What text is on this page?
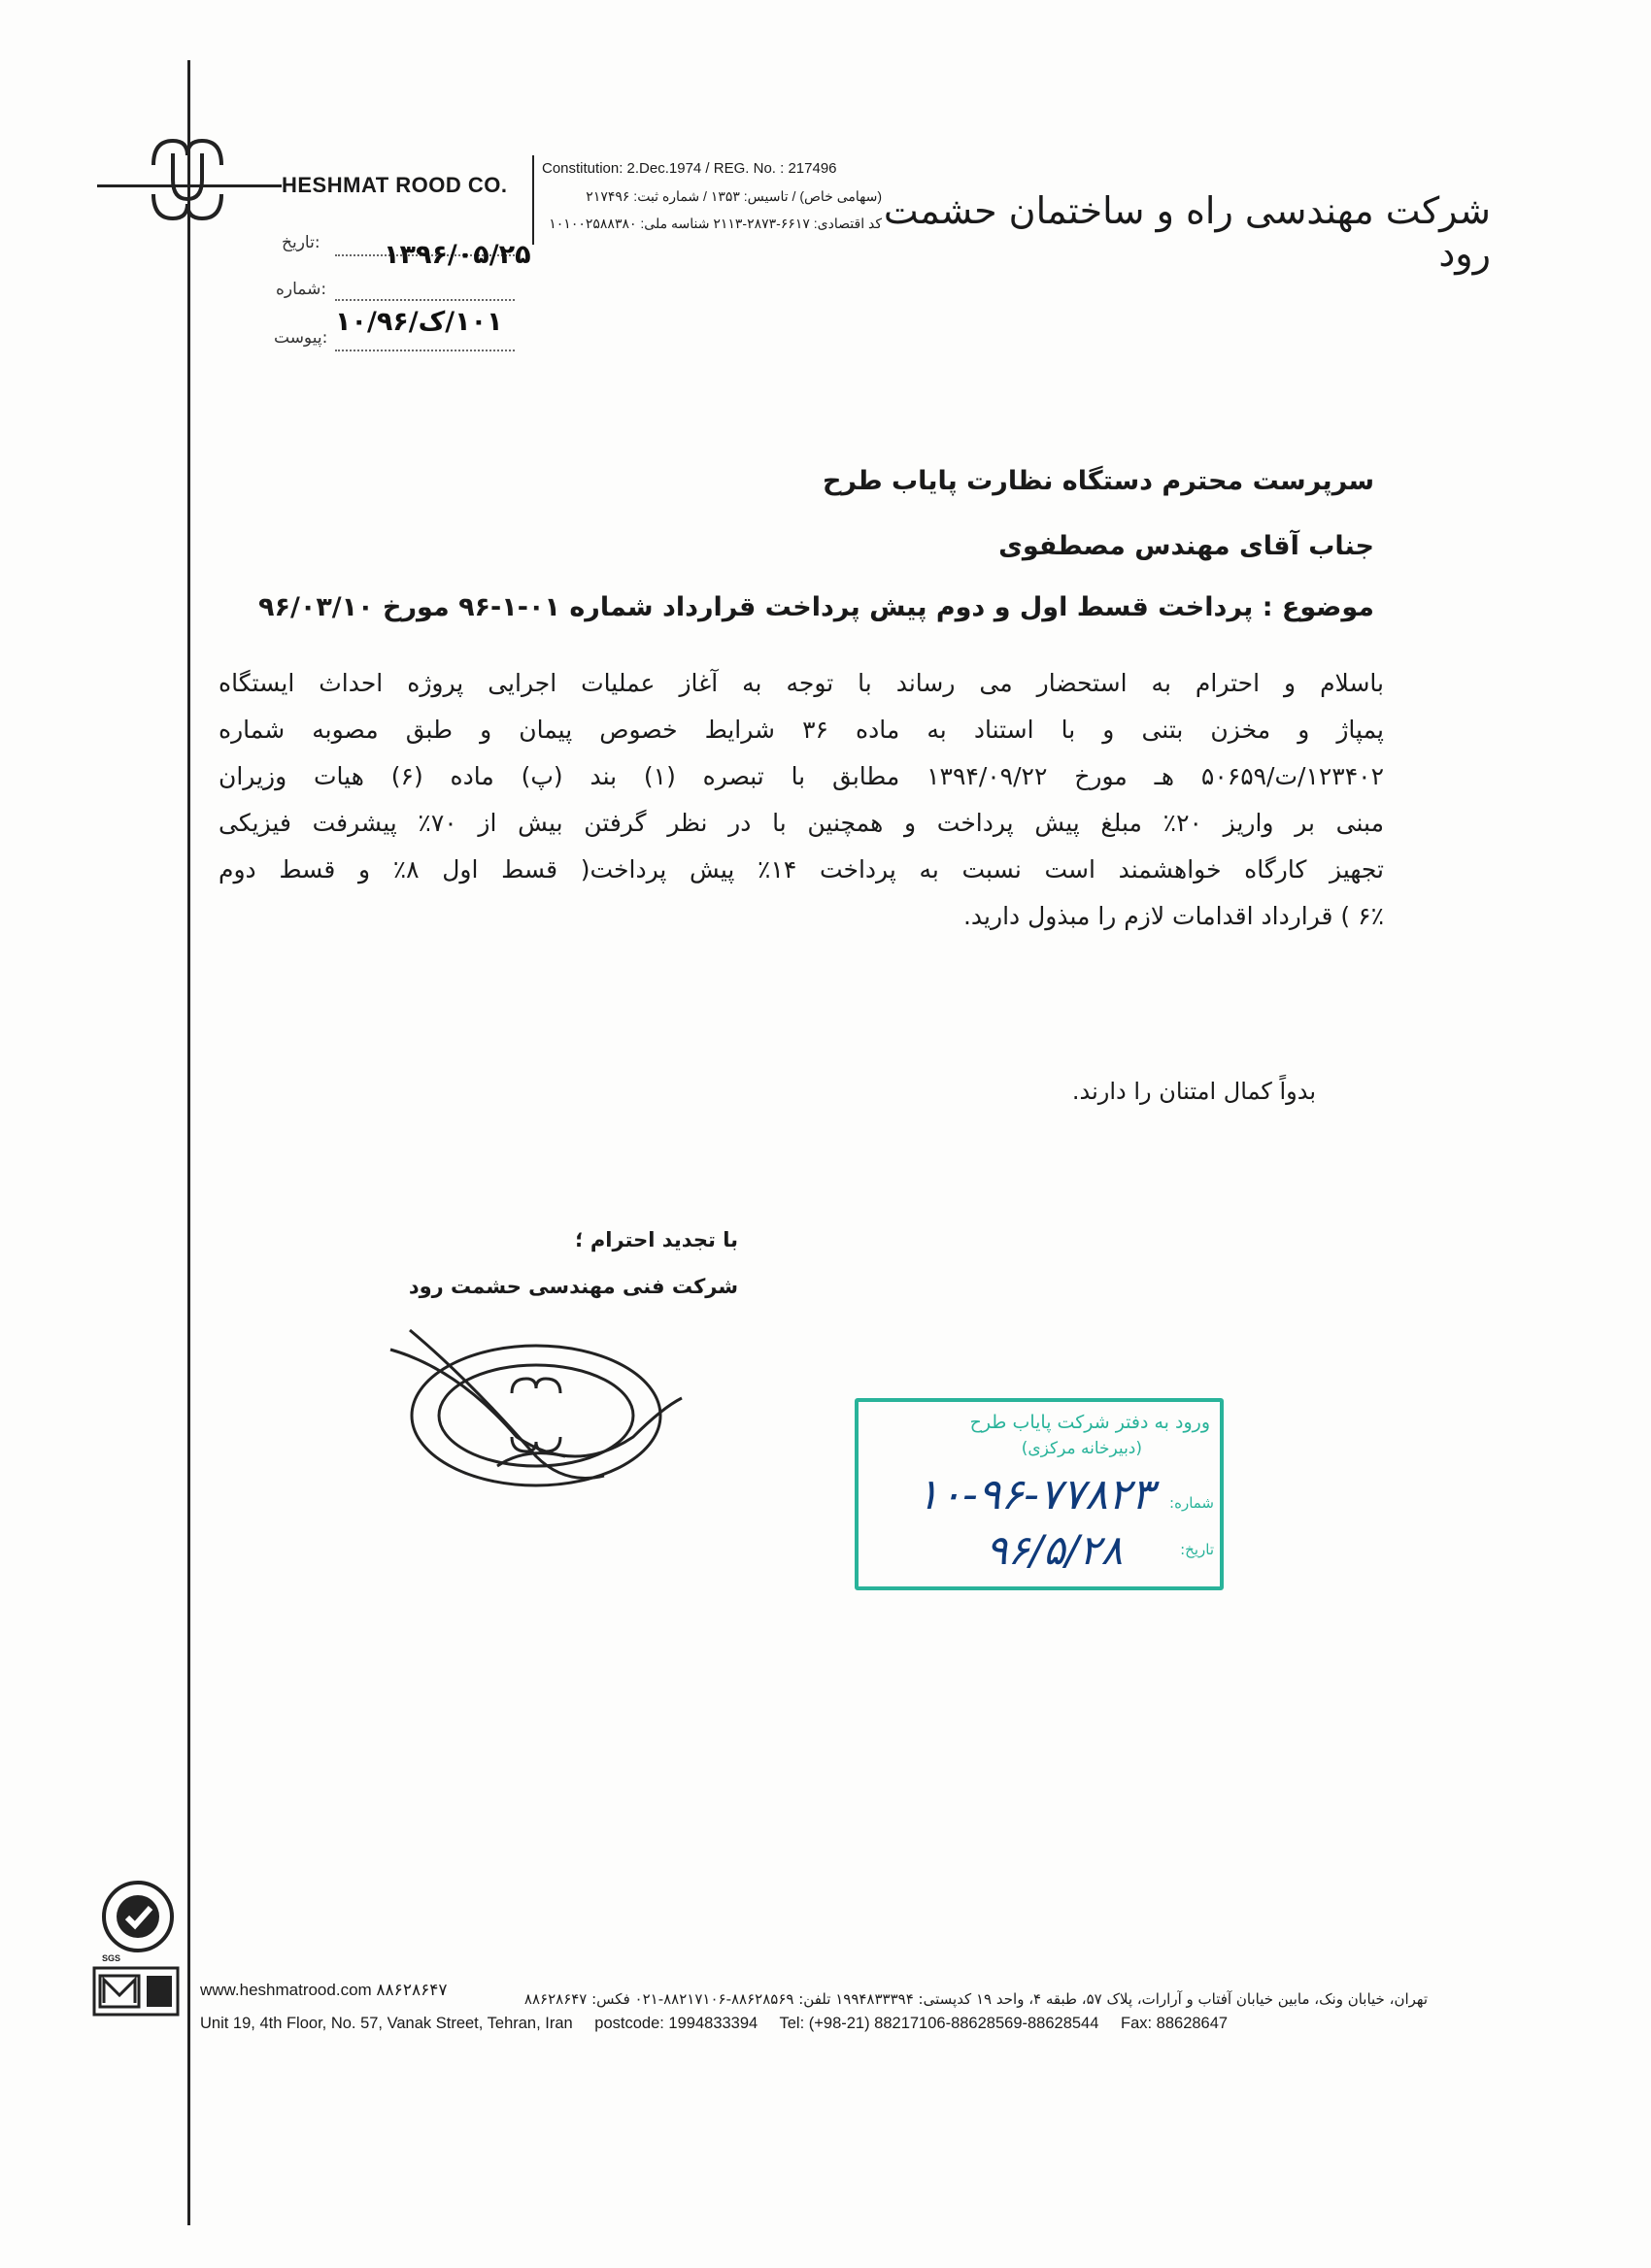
HESHMAT ROOD CO.
Constitution: 2.Dec.1974 / REG. No. : 217496
(سهامی خاص) / تاسیس: ۱۳۵۳ / شماره ثبت: ۲۱۷۴۹۶
کد اقتصادی: ۶۶۱۷-۲۸۷۳-۲۱۱۳ شناسه ملی: ۱۰۱۰۰۲۵۸۸۳۸۰ شرکت مهندسی راه و ساختمان حشمت رود
تاریخ: ۱۳۹۶/۰۵/۲۵
شماره:
۱۰۱/ک/۱۰/۹۶
پیوست:
سرپرست محترم دستگاه نظارت پایاب طرح
جناب آقای مهندس مصطفوی
موضوع : پرداخت قسط اول و دوم پیش پرداخت قرارداد شماره ۰۱-۱-۹۶ مورخ ۹۶/۰۳/۱۰
باسلام و احترام به استحضار می رساند با توجه به آغاز عملیات اجرایی پروژه احداث ایستگاه
پمپاژ و مخزن بتنی و با استناد به ماده ۳۶ شرایط خصوص پیمان و طبق مصوبه شماره
۱۲۳۴۰۲/ت/۵۰۶۵۹ هـ مورخ ۱۳۹۴/۰۹/۲۲ مطابق با تبصره (۱) بند (پ) ماده (۶) هیات وزیران
مبنی بر واریز ۲۰٪ مبلغ پیش پرداخت و همچنین با در نظر گرفتن بیش از ۷۰٪ پیشرفت فیزیکی
تجهیز کارگاه خواهشمند است نسبت به پرداخت ۱۴٪ پیش پرداخت( قسط اول ۸٪ و قسط دوم
۶٪ ) قرارداد اقدامات لازم را مبذول دارید.
بدواً کمال امتنان را دارند.
با تجدید احترام ؛
شرکت فنی مهندسی حشمت رود
ورود به دفتر شرکت پایاب طرح
(دبیرخانه مرکزی)
شماره:
تاریخ:
۱۰-۹۶-۷۷۸۲۳
۹۶/۵/۲۸
SGS
www.heshmatrood.com ۸۸۶۲۸۶۴۷	تهران، خیابان ونک، مابین خیابان آفتاب و آرارات، پلاک ۵۷، طبقه ۴، واحد ۱۹ کدپستی: ۱۹۹۴۸۳۳۳۹۴ تلفن: ۸۸۶۲۸۵۶۹-۸۸۲۱۷۱۰۶-۰۲۱ فکس: ۸۸۶۲۸۶۴۷
Unit 19, 4th Floor, No. 57, Vanak Street, Tehran, Iran postcode: 1994833394 Tel: (+98-21) 88217106-88628569-88628544 Fax: 88628647
